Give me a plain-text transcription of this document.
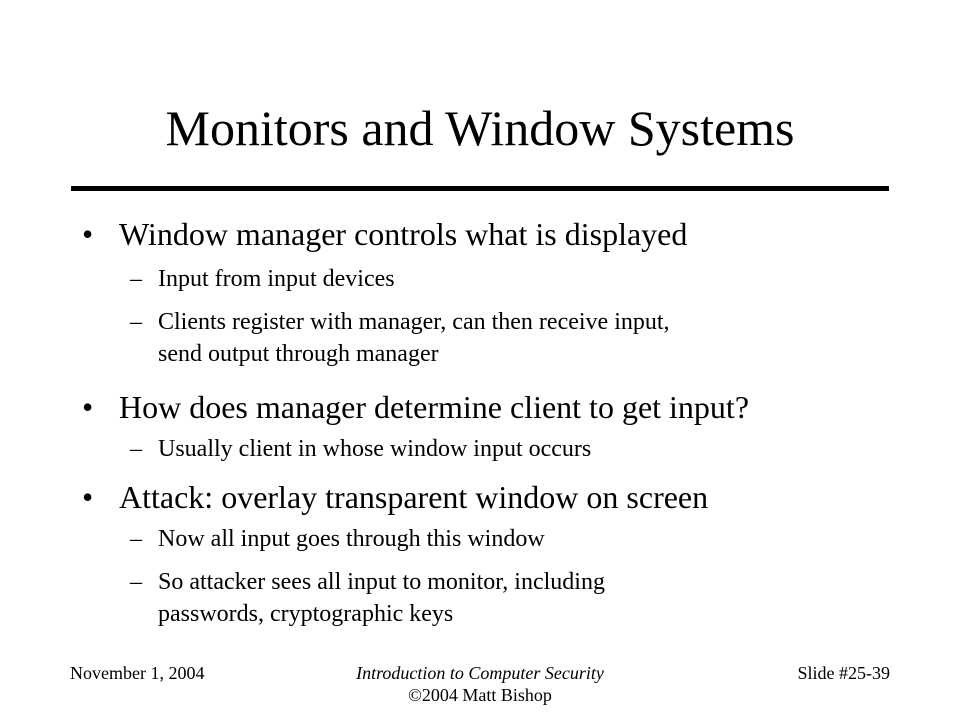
Monitors and Window Systems
• Window manager controls what is displayed
– Input from input devices
– Clients register with manager, can then receive input,
send output through manager
• How does manager determine client to get input?
– Usually client in whose window input occurs
• Attack: overlay transparent window on screen
– Now all input goes through this window
– So attacker sees all input to monitor, including
passwords, cryptographic keys
November 1, 2004	Introduction to Computer Security
©2004 Matt Bishop
Slide #25-39
